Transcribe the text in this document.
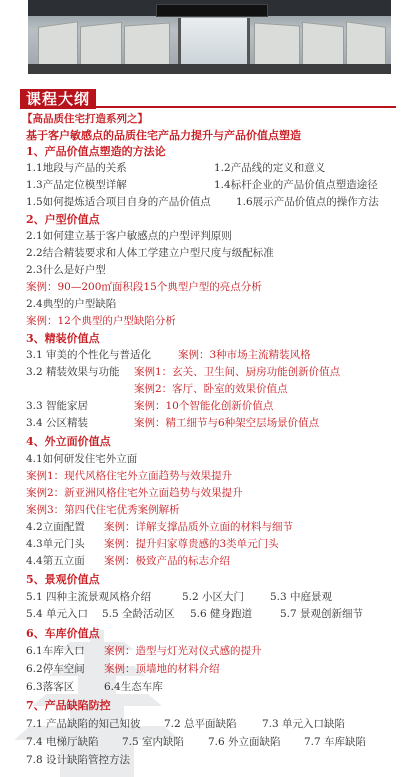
课程大纲
【高品质住宅打造系列之】
基于客户敏感点的品质住宅产品力提升与产品价值点塑造
1、产品价值点塑造的方法论
1.1地段与产品的关系	1.2产品线的定义和意义
1.3产品定位模型详解	1.4标杆企业的产品价值点塑造途径
1.5如何提炼适合项目自身的产品价值点 1.6展示产品价值点的操作方法
2、户型价值点
2.1如何建立基于客户敏感点的户型评判原则
2.2结合精装要求和人体工学建立户型尺度与级配标准
2.3什么是好户型
案例：90—200㎡面积段15个典型户型的亮点分析
2.4典型的户型缺陷
案例：12个典型的户型缺陷分析
3、精装价值点
3.1 审美的个性化与普适化	案例：3种市场主流精装风格
3.2 精装效果与功能 案例1：玄关、卫生间、厨房功能创新价值点
案例2：客厅、卧室的效果价值点
3.3 智能家居	案例：10个智能化创新价值点
3.4 公区精装	案例：精工细节与6种架空层场景价值点
4、外立面价值点
4.1如何研发住宅外立面
案例1：现代风格住宅外立面趋势与效果提升
案例2：新亚洲风格住宅外立面趋势与效果提升
案例3：第四代住宅优秀案例解析
4.2立面配置 案例：详解支撑品质外立面的材料与细节
4.3单元门头 案例：提升归家尊贵感的3类单元门头
4.4第五立面 案例：极致产品的标志介绍
5、景观价值点
5.1 四种主流景观风格介绍	5.2 小区大门 5.3 中庭景观
5.4 单元入口 5.5 全龄活动区 5.6 健身跑道	5.7 景观创新细节
6、车库价值点
6.1车库入口 案例：造型与灯光对仪式感的提升
6.2停车空间 案例：顶墙地的材料介绍
6.3落客区	6.4生态车库
7、产品缺陷防控
7.1 产品缺陷的知己知彼 7.2 总平面缺陷 7.3 单元入口缺陷
7.4 电梯厅缺陷 7.5 室内缺陷 7.6 外立面缺陷 7.7 车库缺陷
7.8 设计缺陷管控方法
